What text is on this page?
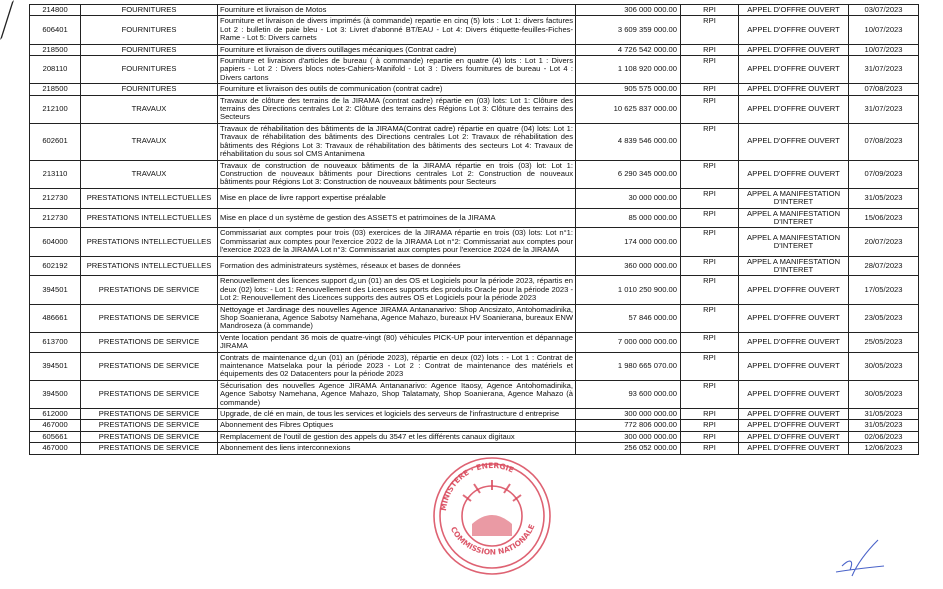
214800	FOURNITURES	Fourniture et livraison de Motos	306 000 000.00	RPI	APPEL D'OFFRE OUVERT	03/07/2023
606401	FOURNITURES	Fourniture et livraison de divers imprimés (à commande) repartie en cinq (5) lots : Lot 1: divers factures Lot 2 : bulletin de paie bleu - Lot 3: Livret d'abonné BT/EAU - Lot 4: Divers étiquette-feuilles-Fiches-Rame - Lot 5: Divers carnets	3 609 359 000.00	RPI	APPEL D'OFFRE OUVERT	10/07/2023
218500	FOURNITURES	Fourniture et livraison de divers outillages mécaniques (Contrat cadre)	4 726 542 000.00	RPI	APPEL D'OFFRE OUVERT	10/07/2023
208110	FOURNITURES	Fourniture et livraison d'articles de bureau ( à commande) repartie en quatre (4) lots : Lot 1 : Divers papiers - Lot 2 : Divers blocs notes-Cahiers-Manifold - Lot 3 : Divers fournitures de bureau - Lot 4 : Divers cartons	1 108 920 000.00	RPI	APPEL D'OFFRE OUVERT	31/07/2023
218500	FOURNITURES	Fourniture et livraison des outils de communication (contrat cadre)	905 575 000.00	RPI	APPEL D'OFFRE OUVERT	07/08/2023
212100	TRAVAUX	Travaux de clôture des terrains de la JIRAMA (contrat cadre) répartie en (03) lots: Lot 1: Clôture des terrains des Directions centrales Lot 2: Clôture des terrains des Régions Lot 3: Clôture des terrains des Secteurs	10 625 837 000.00	RPI	APPEL D'OFFRE OUVERT	31/07/2023
602601	TRAVAUX	Travaux de réhabilitation des bâtiments de la JIRAMA(Contrat cadre) répartie en quatre (04) lots: Lot 1: Travaux de réhabilitation des bâtiments des Directions centrales Lot 2: Travaux de réhabilitation des bâtiments des Régions Lot 3: Travaux de réhabilitation des bâtiments des secteurs Lot 4: Travaux de réhabilitation du sous sol CMS Antanimena	4 839 546 000.00	RPI	APPEL D'OFFRE OUVERT	07/08/2023
213110	TRAVAUX	Travaux de construction de nouveaux bâtiments de la JIRAMA répartie en trois (03) lot: Lot 1: Construction de nouveaux bâtiments pour Directions centrales Lot 2: Construction de nouveaux bâtiments pour Régions Lot 3: Construction de nouveaux bâtiments pour Secteurs	6 290 345 000.00	RPI	APPEL D'OFFRE OUVERT	07/09/2023
212730	PRESTATIONS INTELLECTUELLES	Mise en place de livre rapport expertise préalable	30 000 000.00	RPI	APPEL A MANIFESTATION D'INTERET	31/05/2023
212730	PRESTATIONS INTELLECTUELLES	Mise en place d un système de gestion des ASSETS et patrimoines de la JIRAMA	85 000 000.00	RPI	APPEL A MANIFESTATION D'INTERET	15/06/2023
604000	PRESTATIONS INTELLECTUELLES	Commissariat aux comptes pour trois (03) exercices de la JIRAMA répartie en trois (03) lots: Lot n°1: Commissariat aux comptes pour l'exercice 2022 de la JIRAMA Lot n°2: Commissariat aux comptes pour l'exercice 2023 de la JIRAMA Lot n°3: Commissariat aux comptes pour l'exercice 2024 de la JIRAMA	174 000 000.00	RPI	APPEL A MANIFESTATION D'INTERET	20/07/2023
602192	PRESTATIONS INTELLECTUELLES	Formation des administrateurs systèmes, réseaux et bases de données	360 000 000.00	RPI	APPEL A MANIFESTATION D'INTERET	28/07/2023
394501	PRESTATIONS DE SERVICE	Renouvellement des licences support d¿un (01) an des OS et Logiciels pour la période 2023, répartis en deux (02) lots: - Lot 1: Renouvellement des Licences supports des produits Oracle pour la période 2023 - Lot 2: Renouvellement des Licences supports des autres OS et Logiciels pour la période 2023	1 010 250 900.00	RPI	APPEL D'OFFRE OUVERT	17/05/2023
486661	PRESTATIONS DE SERVICE	Nettoyage et Jardinage des nouvelles Agence JIRAMA Antananarivo: Shop Ancsizato, Antohomadinika, Shop Soanierana, Agence Sabotsy Namehana, Agence Mahazo, bureaux HV Soanierana, bureaux ENW Mandroseza (à commande)	57 846 000.00	RPI	APPEL D'OFFRE OUVERT	23/05/2023
613700	PRESTATIONS DE SERVICE	Vente location pendant 36 mois de quatre-vingt (80) véhicules PICK-UP pour intervention et dépannage JIRAMA	7 000 000 000.00	RPI	APPEL D'OFFRE OUVERT	25/05/2023
394501	PRESTATIONS DE SERVICE	Contrats de maintenance d¿un (01) an (période 2023), répartie en deux (02) lots : - Lot 1 : Contrat de maintenance Matselaka pour la période 2023 - Lot 2 : Contrat de maintenance des matériels et équipements des 02 Datacenters pour la période 2023	1 980 665 070.00	RPI	APPEL D'OFFRE OUVERT	30/05/2023
394500	PRESTATIONS DE SERVICE	Sécurisation des nouvelles Agence JIRAMA Antananarivo: Agence Itaosy, Agence Antohomadinika, Agence Sabotsy Namehana, Agence Mahazo, Shop Talatamaty, Shop Soanierana, Agence Mahazo (à commande)	93 600 000.00	RPI	APPEL D'OFFRE OUVERT	30/05/2023
612000	PRESTATIONS DE SERVICE	Upgrade, de clé en main, de tous les services et logiciels des serveurs de l'infrastructure d entreprise	300 000 000.00	RPI	APPEL D'OFFRE OUVERT	31/05/2023
467000	PRESTATIONS DE SERVICE	Abonnement des Fibres Optiques	772 806 000.00	RPI	APPEL D'OFFRE OUVERT	31/05/2023
605661	PRESTATIONS DE SERVICE	Remplacement de l'outil de gestion des appels du 3547 et les différents canaux digitaux	300 000 000.00	RPI	APPEL D'OFFRE OUVERT	02/06/2023
467000	PRESTATIONS DE SERVICE	Abonnement des liens interconnexions	256 052 000.00	RPI	APPEL D'OFFRE OUVERT	12/06/2023
MINISTERE · ENERGIE
COMMISSION NATIONALE
